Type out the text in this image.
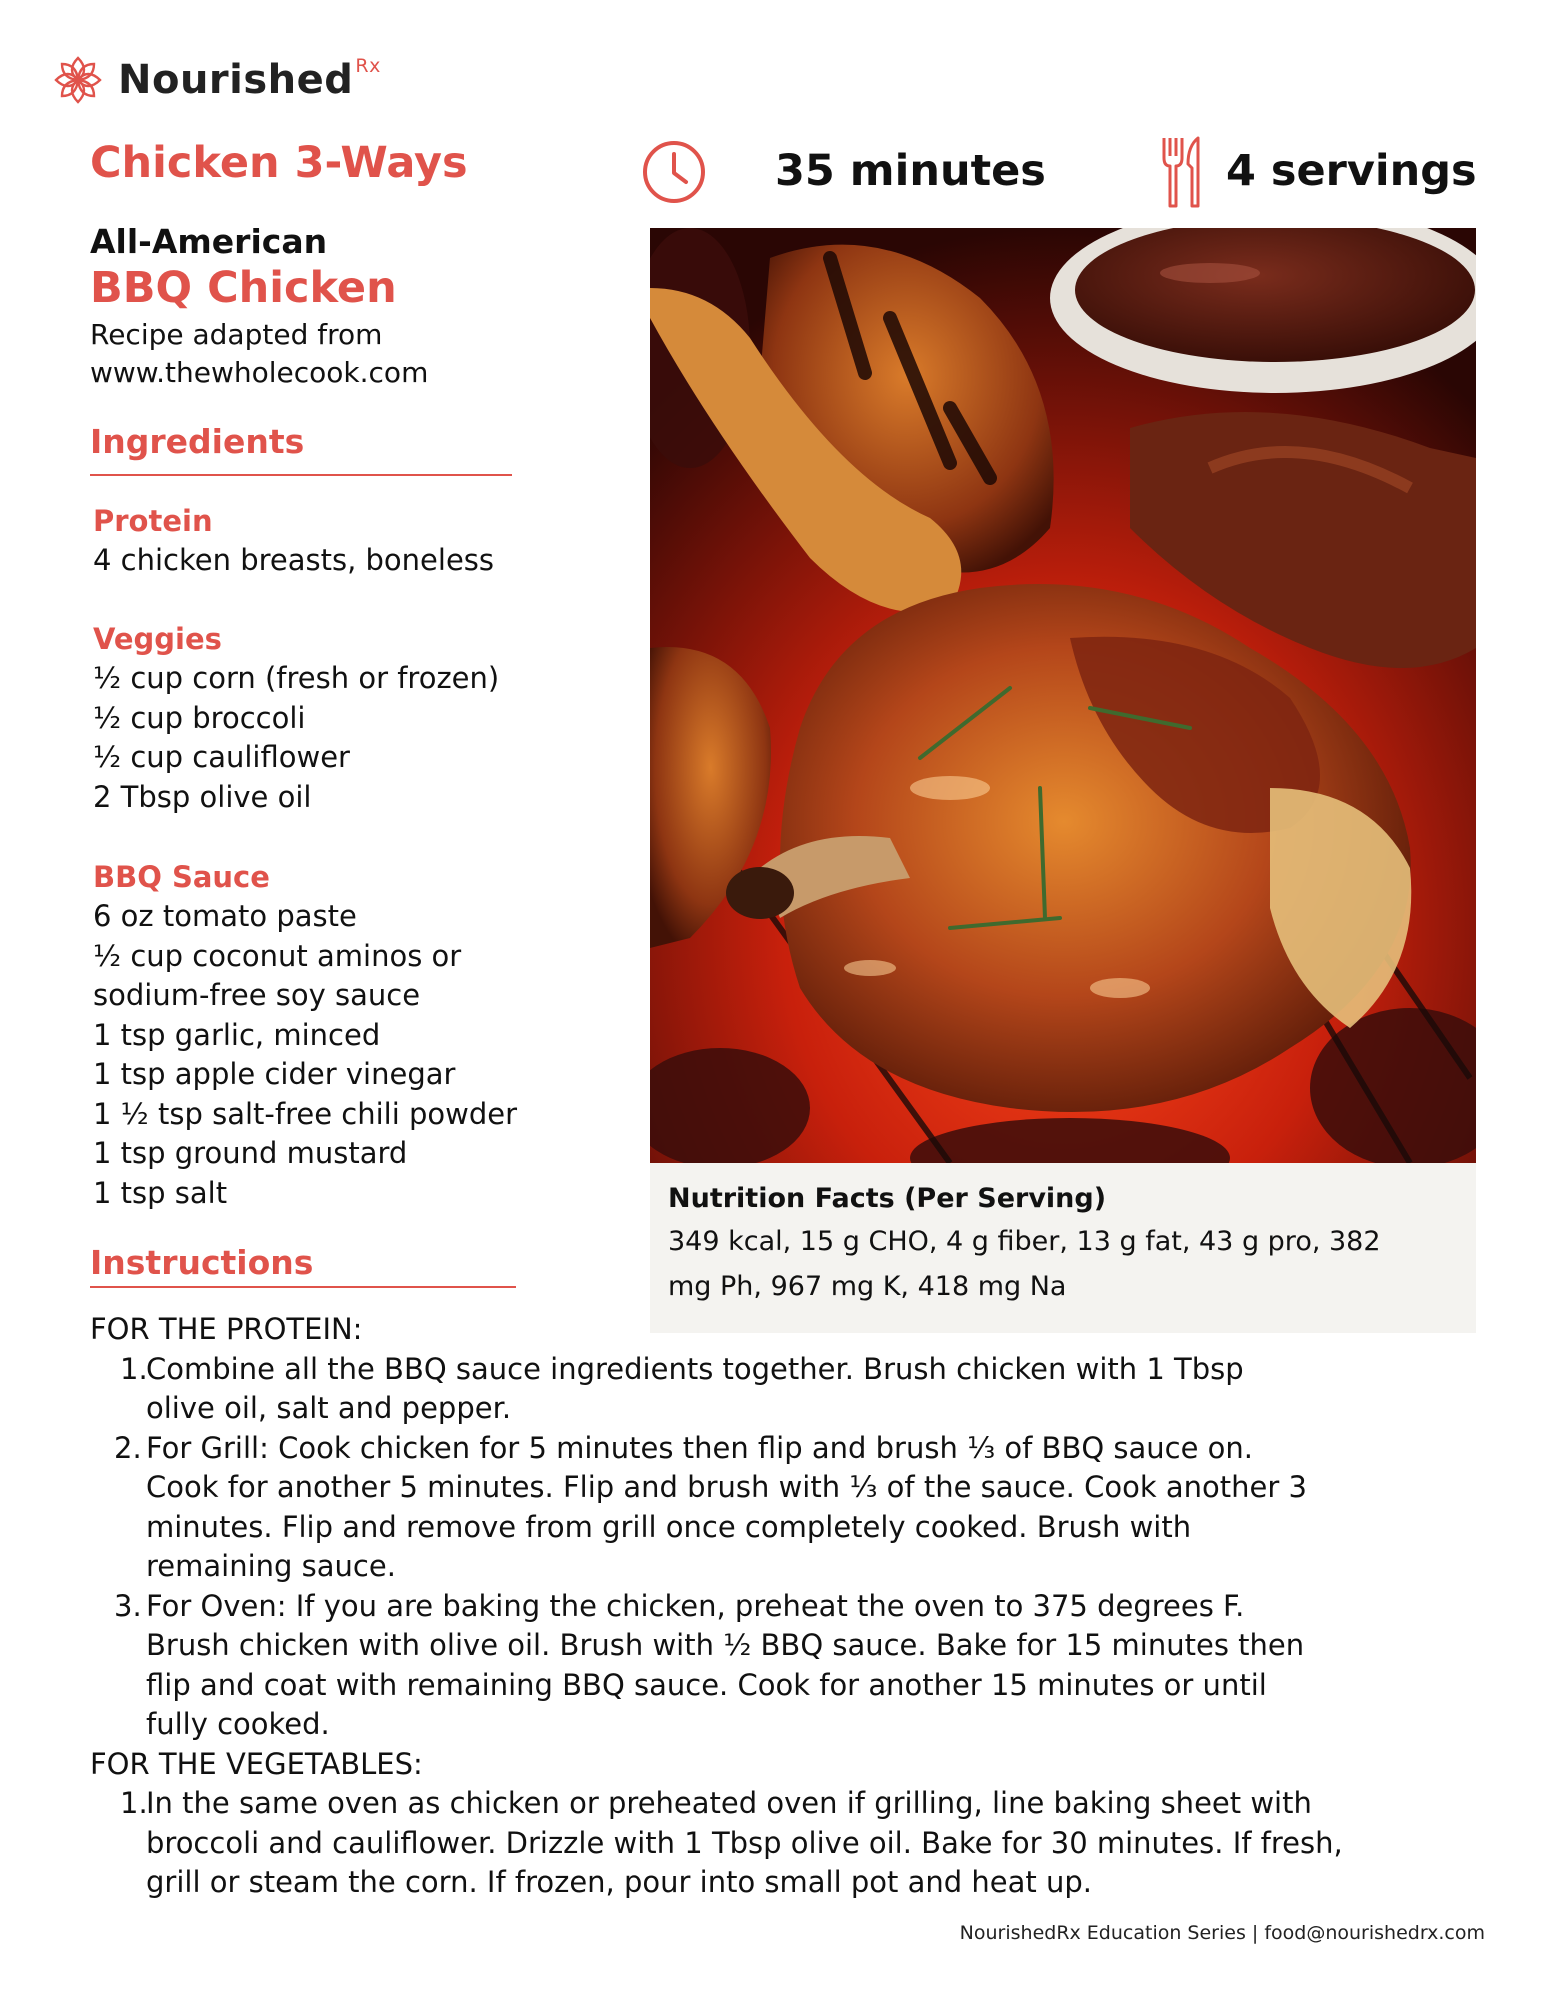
Nourished $^{Rx}$
Chicken 3-Ways	35 minutes	4 servings
All-American
BBQ Chicken
Recipe adapted from
www.thewholecook.com
Ingredients
Protein
4 chicken breasts, boneless
Veggies
½ cup corn (fresh or frozen)
½ cup broccoli
½ cup cauliflower
2 Tbsp olive oil
BBQ Sauce
6 oz tomato paste
½ cup coconut aminos or
sodium-free soy sauce
1 tsp garlic, minced
1 tsp apple cider vinegar
1 ½ tsp salt-free chili powder
1 tsp ground mustard
1 tsp salt	Nutrition Facts (Per Serving)
349 kcal, 15 g CHO, 4 g fiber, 13 g fat, 43 g pro, 382
mg Ph, 967 mg K, 418 mg Na
Instructions
FOR THE PROTEIN:
1.
Combine all the BBQ sauce ingredients together. Brush chicken with 1 Tbsp
olive oil, salt and pepper.
2. For Grill: Cook chicken for 5 minutes then flip and brush ⅓ of BBQ sauce on.
Cook for another 5 minutes. Flip and brush with ⅓ of the sauce. Cook another 3
minutes. Flip and remove from grill once completely cooked. Brush with
remaining sauce.
3. For Oven: If you are baking the chicken, preheat the oven to 375 degrees F.
Brush chicken with olive oil. Brush with ½ BBQ sauce. Bake for 15 minutes then
flip and coat with remaining BBQ sauce. Cook for another 15 minutes or until
fully cooked.
FOR THE VEGETABLES:
1.
In the same oven as chicken or preheated oven if grilling, line baking sheet with
broccoli and cauliflower. Drizzle with 1 Tbsp olive oil. Bake for 30 minutes. If fresh,
grill or steam the corn. If frozen, pour into small pot and heat up.
NourishedRx Education Series | food@nourishedrx.com
